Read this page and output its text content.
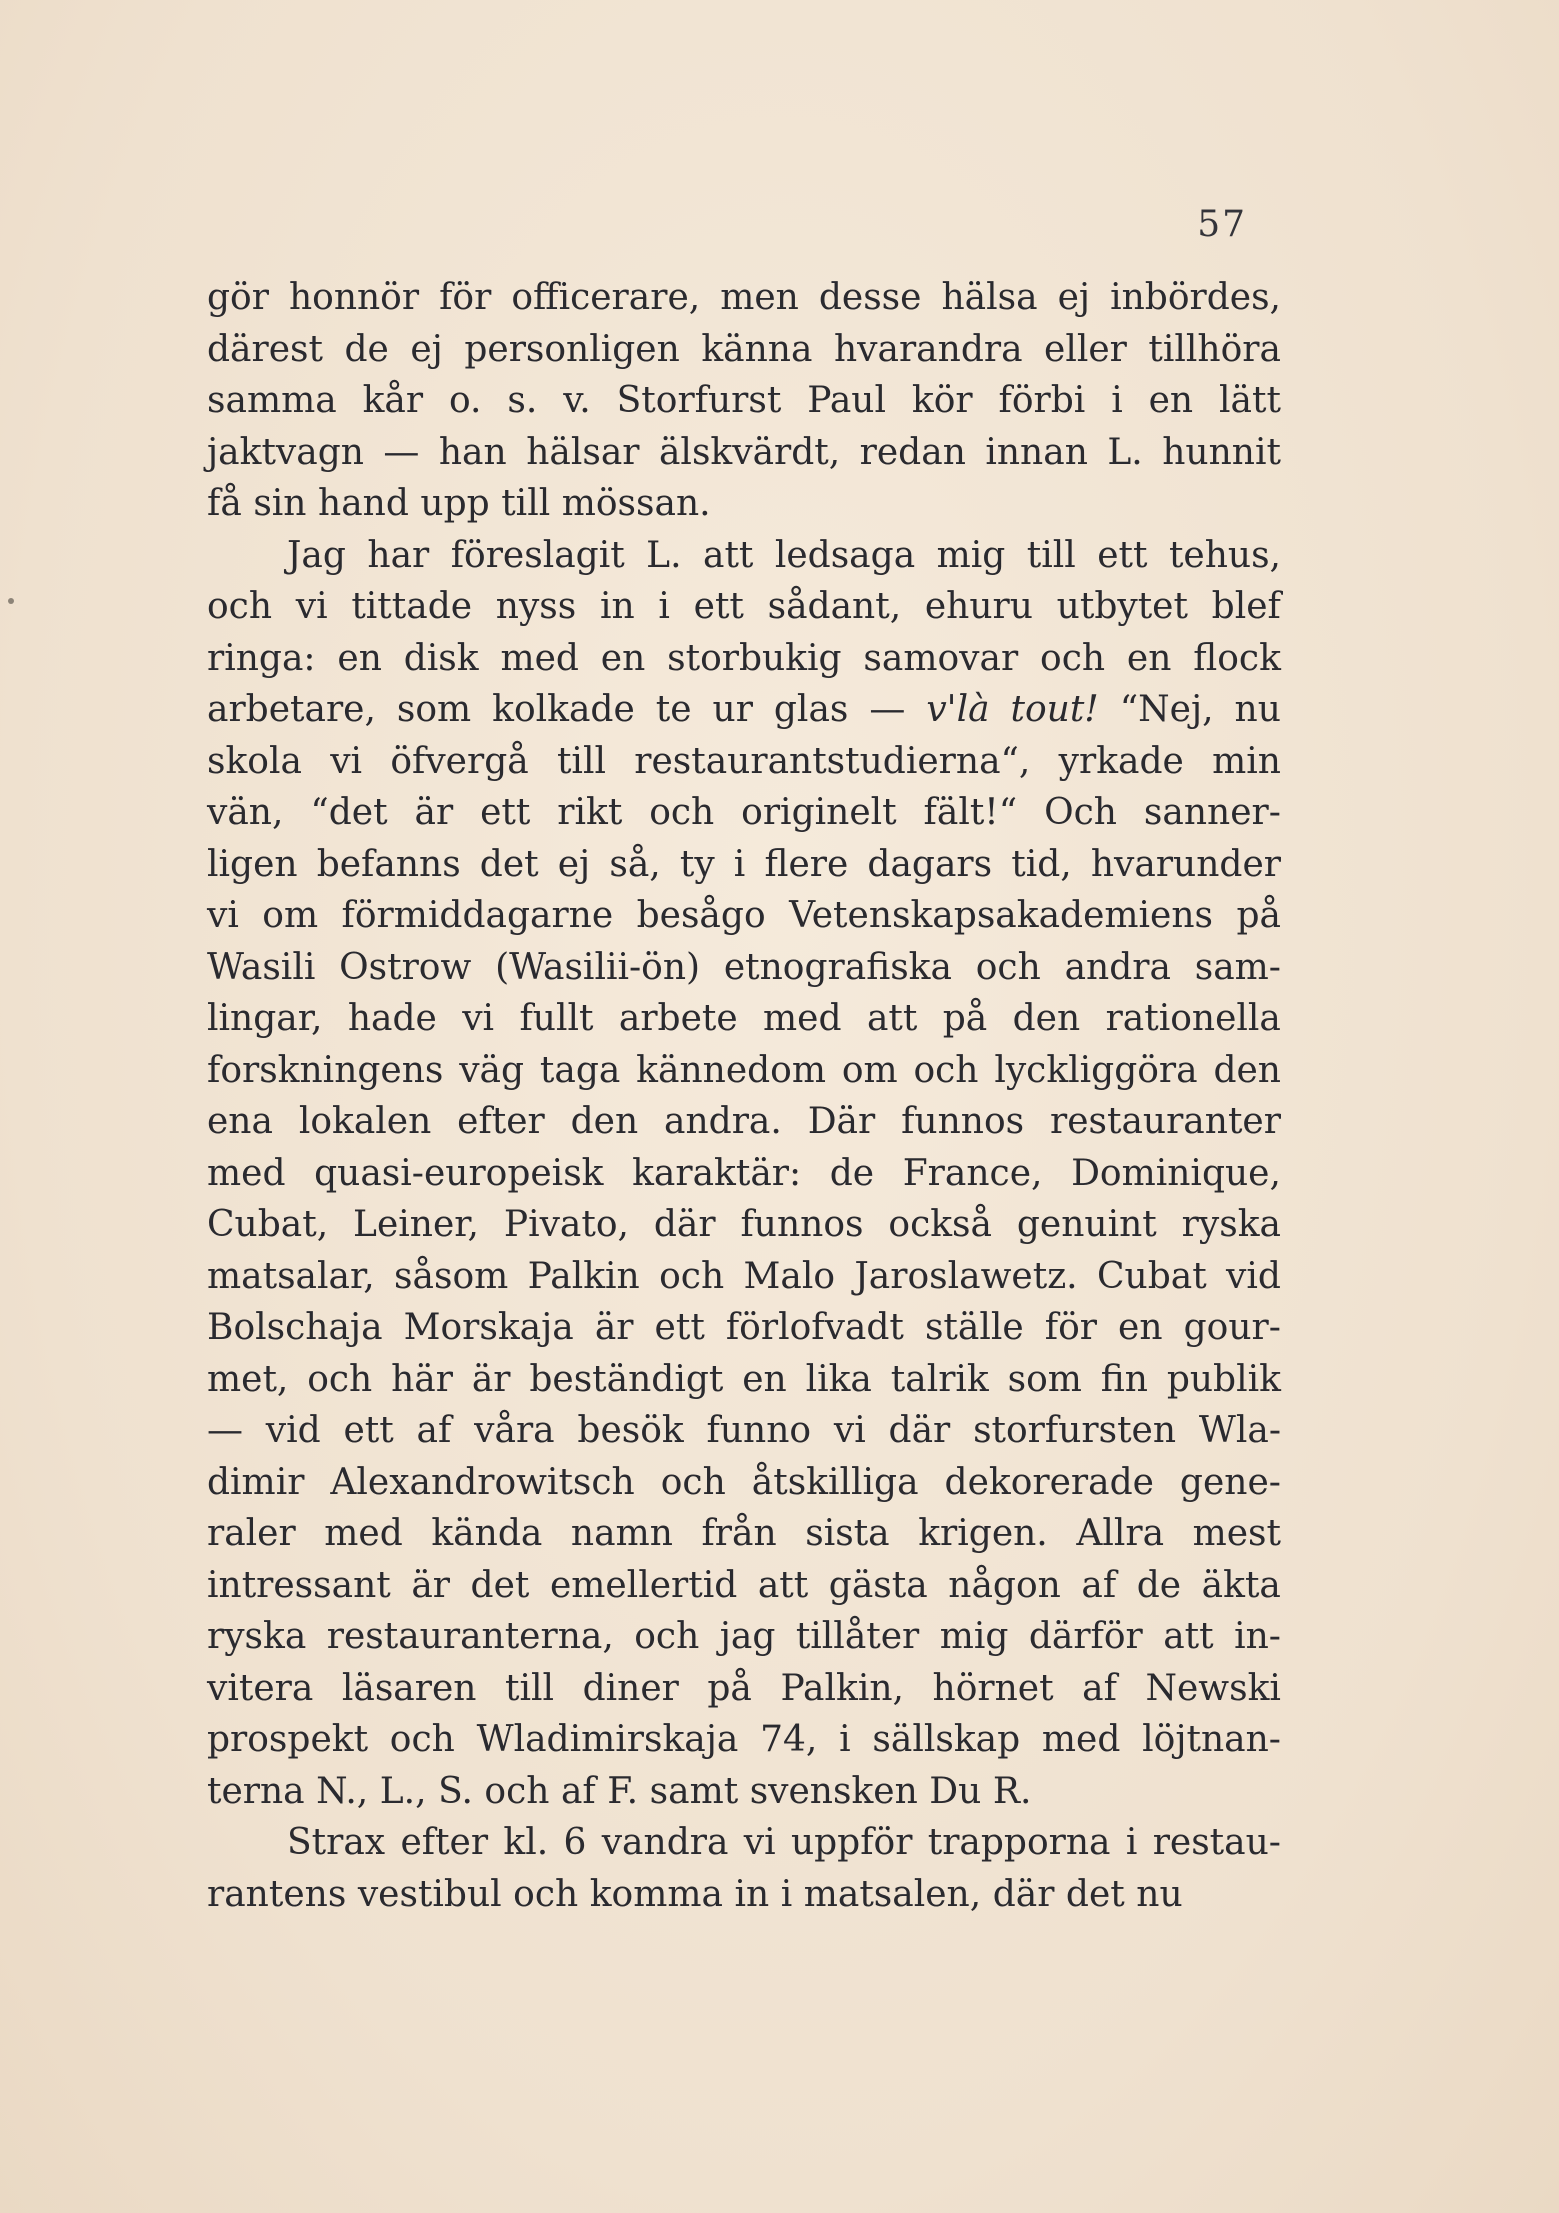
57
gör honnör för officerare, men desse hälsa ej inbördes,
därest de ej personligen känna hvarandra eller tillhöra
samma kår o. s. v. Storfurst Paul kör förbi i en lätt
jaktvagn — han hälsar älskvärdt, redan innan L. hunnit
få sin hand upp till mössan.
Jag har föreslagit L. att ledsaga mig till ett tehus,
och vi tittade nyss in i ett sådant, ehuru utbytet blef
ringa: en disk med en storbukig samovar och en flock
arbetare, som kolkade te ur glas — v'là tout! “Nej, nu
skola vi öfvergå till restaurantstudierna“, yrkade min
vän, “det är ett rikt och originelt fält!“ Och sanner-
ligen befanns det ej så, ty i flere dagars tid, hvarunder
vi om förmiddagarne besågo Vetenskapsakademiens på
Wasili Ostrow (Wasilii-ön) etnografiska och andra sam-
lingar, hade vi fullt arbete med att på den rationella
forskningens väg taga kännedom om och lyckliggöra den
ena lokalen efter den andra. Där funnos restauranter
med quasi-europeisk karaktär: de France, Dominique,
Cubat, Leiner, Pivato, där funnos också genuint ryska
matsalar, såsom Palkin och Malo Jaroslawetz. Cubat vid
Bolschaja Morskaja är ett förlofvadt ställe för en gour-
met, och här är beständigt en lika talrik som fin publik
— vid ett af våra besök funno vi där storfursten Wla-
dimir Alexandrowitsch och åtskilliga dekorerade gene-
raler med kända namn från sista krigen. Allra mest
intressant är det emellertid att gästa någon af de äkta
ryska restauranterna, och jag tillåter mig därför att in-
vitera läsaren till diner på Palkin, hörnet af Newski
prospekt och Wladimirskaja 74, i sällskap med löjtnan-
terna N., L., S. och af F. samt svensken Du R.
Strax efter kl. 6 vandra vi uppför trapporna i restau-
rantens vestibul och komma in i matsalen, där det nu
